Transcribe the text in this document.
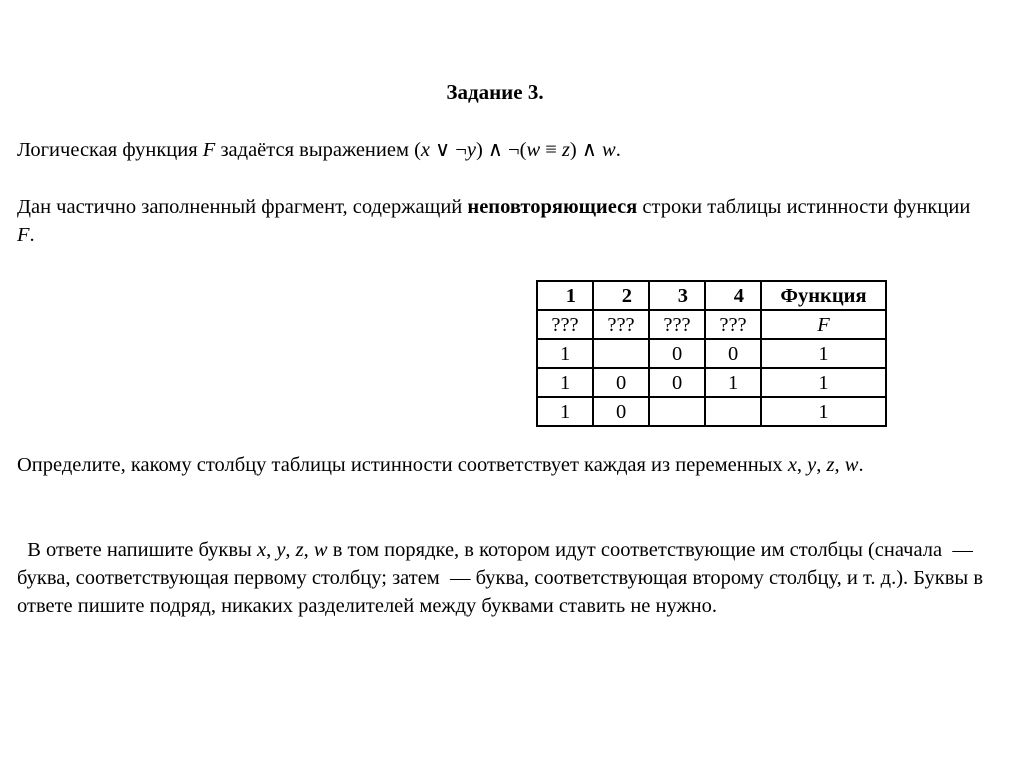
Задание 3.
Логическая функция F задаётся выражением (x ∨ ¬y) ∧ ¬(w ≡ z) ∧ w.
Дан частично заполненный фрагмент, содержащий неповторяющиеся строки таблицы истинности функции F.
1	2	3	4	Функция
???	???	???	???	F
1		0	0	1
1	0	0	1	1
1	0			1
Определите, какому столбцу таблицы истинности соответствует каждая из переменных x, y, z, w.
В ответе напишите буквы x, y, z, w в том порядке, в котором идут соответствующие им столбцы (сначала  — буква, соответствующая первому столбцу; затем  — буква, соответствующая второму столбцу, и т. д.). Буквы в ответе пишите подряд, никаких разделителей между буквами ставить не нужно.
